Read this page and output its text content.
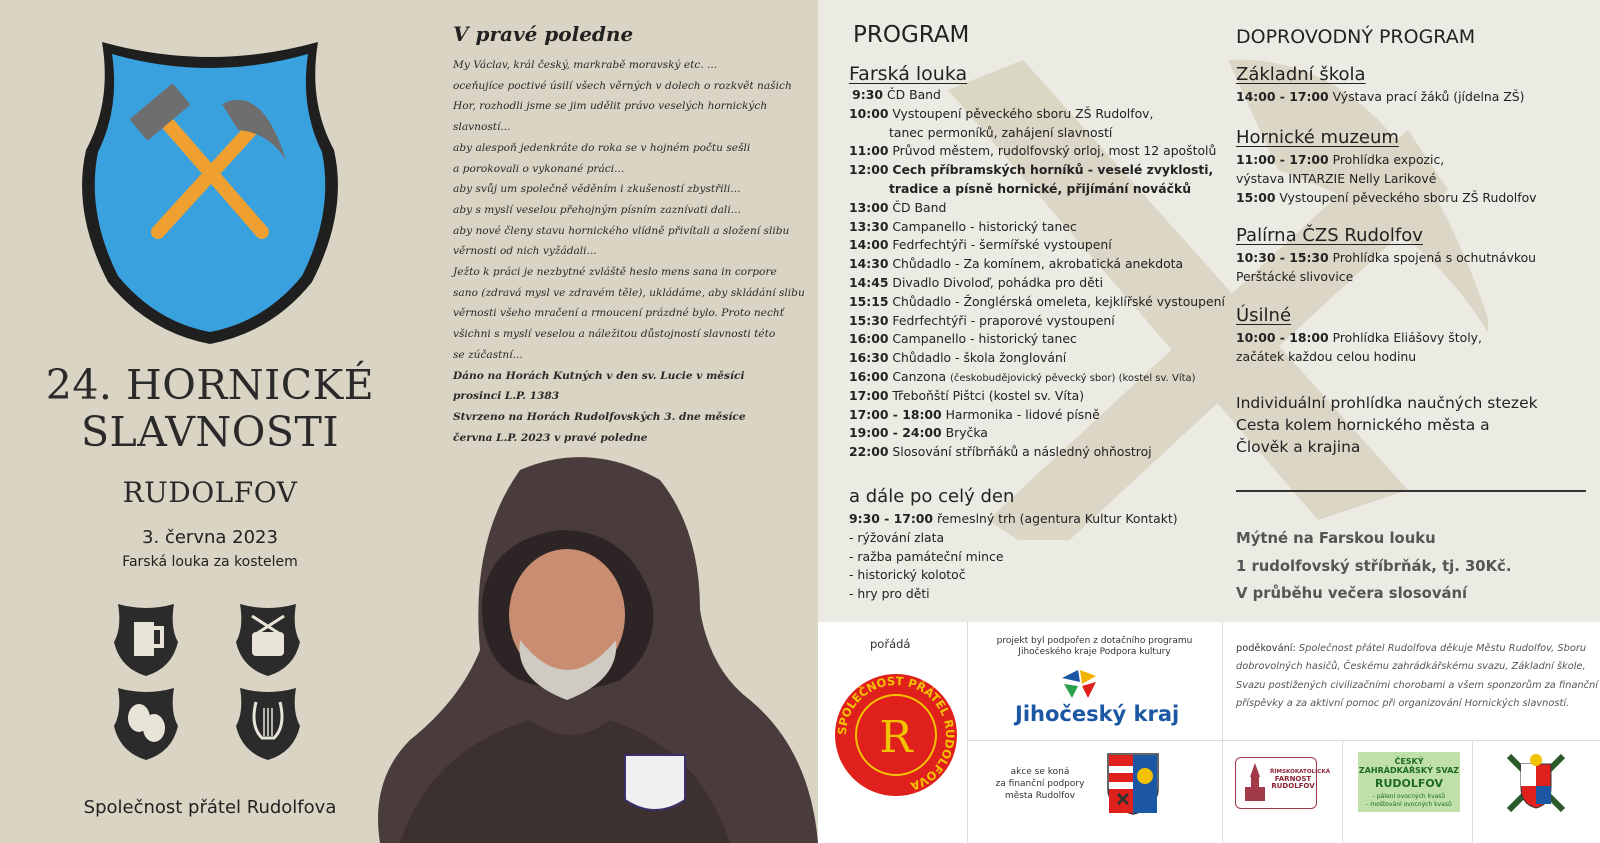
24. HORNICKÉ
SLAVNOSTI
RUDOLFOV
3. června 2023
Farská louka za kostelem
Společnost přátel Rudolfova
V pravé poledne
My Václav, král český, markrabě moravský etc. ...
oceňujíce poctivé úsilí všech věrných v dolech o rozkvět našich
Hor, rozhodli jsme se jim udělit právo veselých hornických
slavností...
aby alespoň jedenkráte do roka se v hojném počtu sešli
a porokovali o vykonané práci...
aby svůj um společně věděním i zkušeností zbystřili...
aby s myslí veselou přehojným písním zaznívati dali...
aby nové členy stavu hornického vlídně přivítali a složení slibu
věrnosti od nich vyžádali...
Ježto k práci je nezbytné zvláště heslo mens sana in corpore
sano (zdravá mysl ve zdravém těle), ukládáme, aby skládání slibu
věrnosti všeho mračení a rmoucení prázdné bylo. Proto nechť
všichni s myslí veselou a náležitou důstojností slavnosti této
se zúčastní...
Dáno na Horách Kutných v den sv. Lucie v měsíci
prosinci L.P. 1383
Stvrzeno na Horách Rudolfovských 3. dne měsíce
června L.P. 2023 v pravé poledne
PROGRAM
Farská louka
9:30 ČD Band
10:00 Vystoupení pěveckého sboru ZŠ Rudolfov,
tanec permoníků, zahájení slavností
11:00 Průvod městem, rudolfovský orloj, most 12 apoštolů
12:00 Cech příbramských horníků - veselé zvyklosti,
tradice a písně hornické, přijímání nováčků
13:00 ČD Band
13:30 Campanello - historický tanec
14:00 Fedrfechtýři - šermířské vystoupení
14:30 Chůdadlo - Za komínem, akrobatická anekdota
14:45 Divadlo Divoloď, pohádka pro děti
15:15 Chůdadlo - Žonglérská omeleta, kejklířské vystoupení
15:30 Fedrfechtýři - praporové vystoupení
16:00 Campanello - historický tanec
16:30 Chůdadlo - škola žonglování
16:00 Canzona (českobudějovický pěvecký sbor) (kostel sv. Víta)
17:00 Třeboňští Pištci (kostel sv. Víta)
17:00 - 18:00 Harmonika - lidové písně
19:00 - 24:00 Bryčka
22:00 Slosování stříbrňáků a následný ohňostroj
a dále po celý den
9:30 - 17:00 řemeslný trh (agentura Kultur Kontakt)
- rýžování zlata
- ražba památeční mince
- historický kolotoč
- hry pro děti
DOPROVODNÝ PROGRAM
Základní škola
14:00 - 17:00 Výstava prací žáků (jídelna ZŠ)
Hornické muzeum
11:00 - 17:00 Prohlídka expozic,
výstava INTARZIE Nelly Larikové
15:00 Vystoupení pěveckého sboru ZŠ Rudolfov
Palírna ČZS Rudolfov
10:30 - 15:30 Prohlídka spojená s ochutnávkou
Perštácké slivovice
Úsilné
10:00 - 18:00 Prohlídka Eliášovy štoly,
začátek každou celou hodinu
Individuální prohlídka naučných stezek
Cesta kolem hornického města a
Člověk a krajina
Mýtné na Farskou louku
1 rudolfovský stříbrňák, tj. 30Kč.
V průběhu večera slosování
pořádá
SPOLEČNOST PŘÁTEL RUDOLFOVA
R
projekt byl podpořen z dotačního programu
Jihočeského kraje Podpora kultury
Jihočeský kraj
akce se koná
za finanční podpory
města Rudolfov
poděkování: Společnost přátel Rudolfova děkuje Městu Rudolfov, Sboru
dobrovolných hasičů, Českému zahrádkářskému svazu, Základní škole,
Svazu postižených civilizačními chorobami a všem sponzorům za finanční
příspěvky a za aktivní pomoc při organizování Hornických slavností.
ŘÍMSKOKATOLICKÁ
FARNOST
RUDOLFOV
ČESKÝ
ZAHRÁDKÁŘSKÝ SVAZ
RUDOLFOV
- pálení ovocných kvasů
- moštování ovocných kvasů
